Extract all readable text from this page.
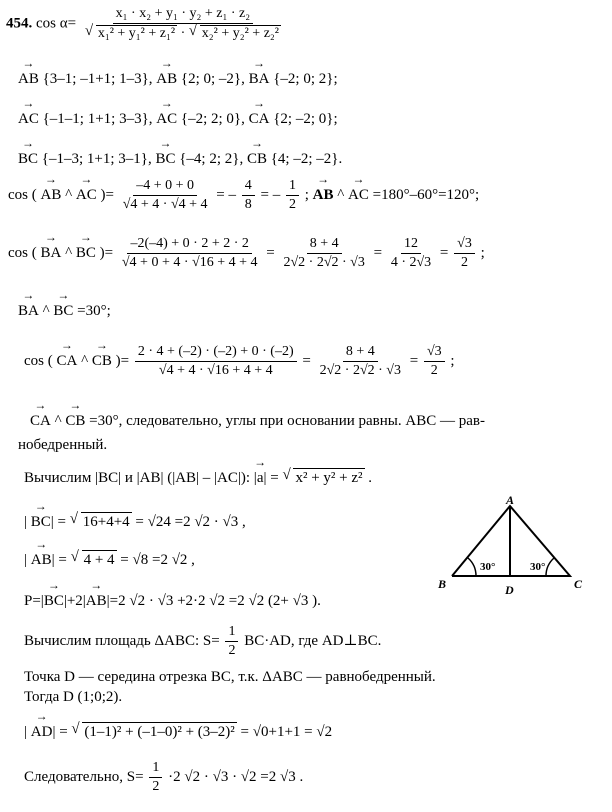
454. cos α= x₁ · x₂ + y₁ · y₂ + z₁ · z₂
√ x₁² + y₁² + z₁² · √ x₂² + y₂² + z₂²
→ AB {3–1; –1+1; 1–3}, → AB {2; 0; –2}, → BA {–2; 0; 2};
→ AC {–1–1; 1+1; 3–3}, → AC {–2; 2; 0}, → CA {2; –2; 0};
→ BC {–1–3; 1+1; 3–1}, → BC {–4; 2; 2}, → CB {4; –2; –2}.
cos ( → AB ^ → AC )= $\frac{-4 + 0 + 0}{√4 + 4 \cdot √4 + 4}$ = – $\frac{4}{8}$ = – $\frac{1}{2}$ ; → AB ^ → AC =180°–60°=120°;
cos ( → BA ^ → BC )= $\frac{-2(-4) + 0 \cdot 2 + 2 \cdot 2}{√4 + 0 + 4 \cdot √16 + 4 + 4} = \frac{8 + 4}{2√2 \cdot 2√2 \cdot √3} = \frac{12}{4 \cdot 2√3} = \frac{√3}{2}$ ;
→ BA ^ → BC =30°;
cos ( → CA ^ → CB )= $\frac{2 \cdot 4 + (-2) \cdot (-2) + 0 \cdot (-2)}{√4 + 4 \cdot √16 + 4 + 4} = \frac{8 + 4}{2√2 \cdot 2√2 \cdot √3} = \frac{√3}{2}$ ;
→ CA ^ → CB =30°, следовательно, углы при основании равны. ABC — рав-
нобедренный.
Вычислим |BC| и |AB| (|AB| – |AC|): |→ a| = √ x² + y² + z² .
| → BC| = √ 16+4+4 = √24 =2 √2 · √3 ,
| → AB| = √ 4 + 4 = √8 =2 √2 ,
P=|→ BC|+2|→ AB|=2 √2 · √3 +2·2 √2 =2 √2 (2+ √3 ).
Вычислим площадь ΔABC: $S= \frac{1}{2} BC\cdot AD$, где AD⊥BC.
Точка D — середина отрезка BC, т.к. ΔABC — равнобедренный.
Тогда D (1;0;2).
| → AD| = √ (1–1)² + (–1–0)² + (3–2)² = √0+1+1 = √2
Следовательно, $S= \frac{1}{2} \cdot 2$ √2 · √3 · √2 =2 √3 .
A
B	C
D
30°	30°
